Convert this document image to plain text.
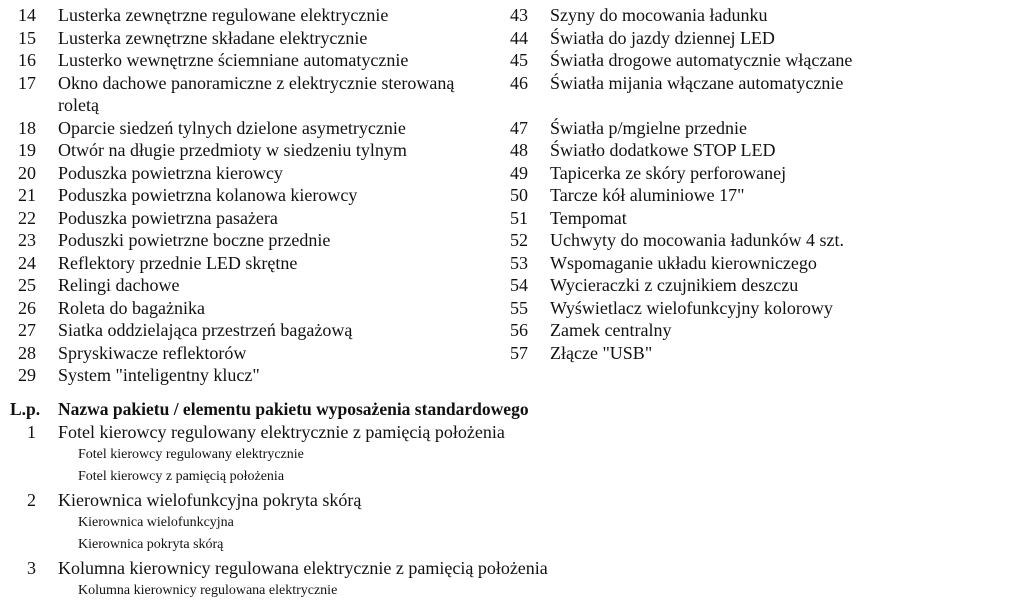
14 Lusterka zewnętrzne regulowane elektrycznie
15 Lusterka zewnętrzne składane elektrycznie
16 Lusterko wewnętrzne ściemniane automatycznie
17 Okno dachowe panoramiczne z elektrycznie sterowaną roletą
18 Oparcie siedzeń tylnych dzielone asymetrycznie
19 Otwór na długie przedmioty w siedzeniu tylnym
20 Poduszka powietrzna kierowcy
21 Poduszka powietrzna kolanowa kierowcy
22 Poduszka powietrzna pasażera
23 Poduszki powietrzne boczne przednie
24 Reflektory przednie LED skrętne
25 Relingi dachowe
26 Roleta do bagażnika
27 Siatka oddzielająca przestrzeń bagażową
28 Spryskiwacze reflektorów
29 System "inteligentny klucz"
43 Szyny do mocowania ładunku
44 Światła do jazdy dziennej LED
45 Światła drogowe automatycznie włączane
46 Światła mijania włączane automatycznie
47 Światła p/mgielne przednie
48 Światło dodatkowe STOP LED
49 Tapicerka ze skóry perforowanej
50 Tarcze kół aluminiowe 17"
51 Tempomat
52 Uchwyty do mocowania ładunków 4 szt.
53 Wspomaganie układu kierowniczego
54 Wycieraczki z czujnikiem deszczu
55 Wyświetlacz wielofunkcyjny kolorowy
56 Zamek centralny
57 Złącze "USB"
L.p.	Nazwa pakietu / elementu pakietu wyposażenia standardowego
1 Fotel kierowcy regulowany elektrycznie z pamięcią położenia
Fotel kierowcy regulowany elektrycznie
Fotel kierowcy z pamięcią położenia
2 Kierownica wielofunkcyjna pokryta skórą
Kierownica wielofunkcyjna
Kierownica pokryta skórą
3 Kolumna kierownicy regulowana elektrycznie z pamięcią położenia
Kolumna kierownicy regulowana elektrycznie
